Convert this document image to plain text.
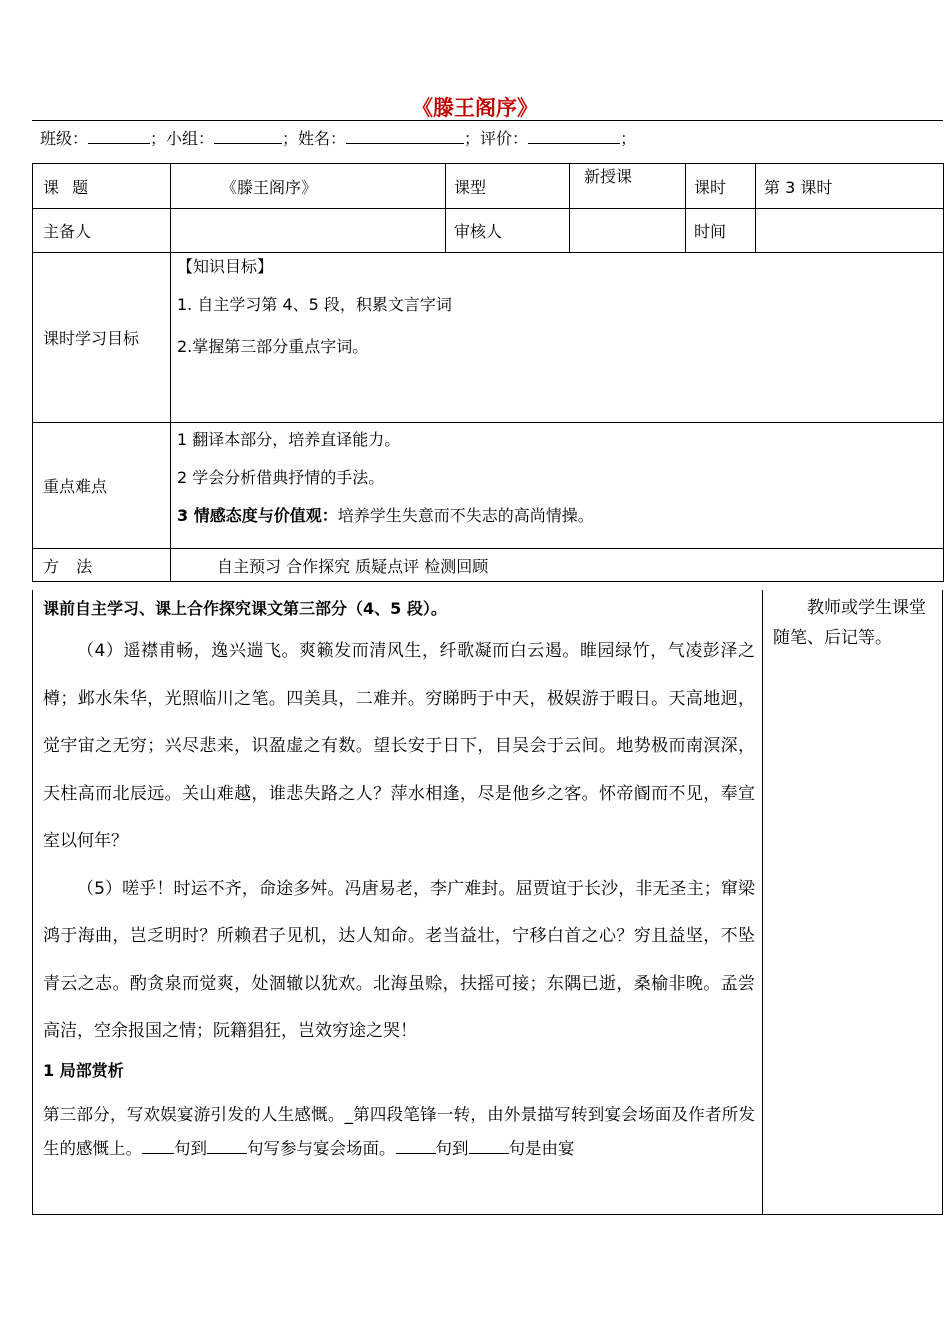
《滕王阁序》
班级：	；小组：	；姓名：	；评价：	；
课 题	《滕王阁序》	课型	新授课	课时	第 3 课时
主备人		审核人		时间	
课时学习目标	【知识目标】
1. 自主学习第 4、5 段，积累文言字词
2.掌握第三部分重点字词。				

重点难点	1 翻译本部分，培养直译能力。
2 学会分析借典抒情的手法。
3 情感态度与价值观：培养学生失意而不失志的高尚情操。				

方 法	自主预习 合作探究 质疑点评 检测回顾				

课前自主学习、课上合作探究课文第三部分（4、5 段）。

（4）遥襟甫畅，逸兴遄飞。爽籁发而清风生，纤歌凝而白云遏。睢园绿竹，气凌彭泽之樽；邺水朱华，光照临川之笔。四美具，二难并。穷睇眄于中天，极娱游于暇日。天高地迥，觉宇宙之无穷；兴尽悲来，识盈虚之有数。望长安于日下，目吴会于云间。地势极而南溟深，天柱高而北辰远。关山难越，谁悲失路之人？萍水相逢，尽是他乡之客。怀帝阍而不见，奉宣室以何年？

（5）嗟乎！时运不齐，命途多舛。冯唐易老，李广难封。屈贾谊于长沙，非无圣主；窜梁鸿于海曲，岂乏明时？所赖君子见机，达人知命。老当益壮，宁移白首之心？穷且益坚，不坠青云之志。酌贪泉而觉爽，处涸辙以犹欢。北海虽赊，扶摇可接；东隅已逝，桑榆非晚。孟尝高洁，空余报国之情；阮籍猖狂，岂效穷途之哭！

1 局部赏析

第三部分，写欢娱宴游引发的人生感慨。_第四段笔锋一转，由外景描写转到宴会场面及作者所发生的感慨上。 句到 句写参与宴会场面。 句到 句是由宴

教师或学生课堂随笔、后记等。
